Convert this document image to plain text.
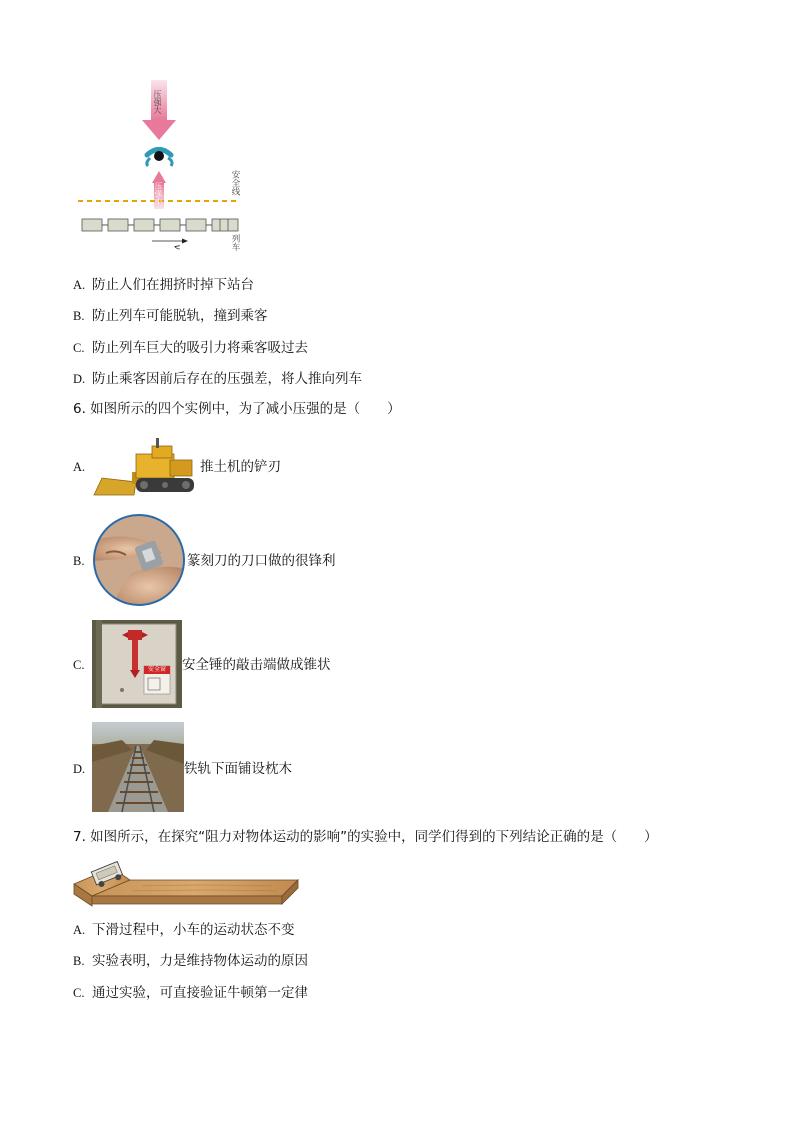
压强大
压强小	安全线
列车
v
A. 防止人们在拥挤时掉下站台
B. 防止列车可能脱轨，撞到乘客
C. 防止列车巨大的吸引力将乘客吸过去
D. 防止乘客因前后存在的压强差，将人推向列车
6. 如图所示的四个实例中，为了减小压强的是（　　）
A.	推土机的铲刃
B.	篆刻刀的刀口做的很锋利
C.	安全窗 安全锤的敲击端做成锥状
D.	铁轨下面铺设枕木
7. 如图所示，在探究“阻力对物体运动的影响”的实验中，同学们得到的下列结论正确的是（　　）
A. 下滑过程中，小车的运动状态不变
B. 实验表明，力是维持物体运动的原因
C. 通过实验，可直接验证牛顿第一定律
